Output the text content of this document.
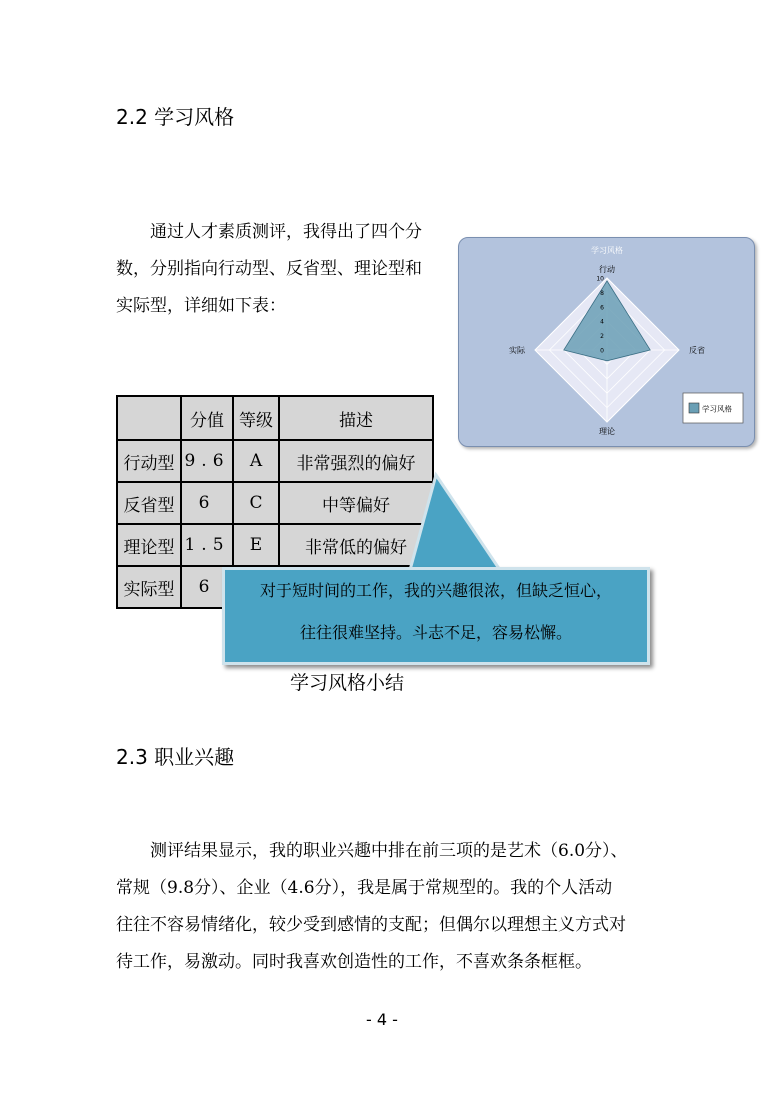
2.2 学习风格

通过人才素质测评，我得出了四个分

数，分别指向行动型、反省型、理论型和

实际型，详细如下表：

学习风格
行动
反省
理论
实际	0
2
4
6
8
10
学习风格
	分值	等级	描述
行动型	9.6	A	非常强烈的偏好
反省型	6	C	中等偏好
理论型	1.5	E	非常低的偏好
实际型	6			对于短时间的工作，我的兴趣很浓，但缺乏恒心，

往往很难坚持。斗志不足，容易松懈。

学习风格小结
2.3 职业兴趣

测评结果显示，我的职业兴趣中排在前三项的是艺术（6.0分）、

常规（9.8分）、企业（4.6分），我是属于常规型的。我的个人活动

往往不容易情绪化，较少受到感情的支配；但偶尔以理想主义方式对

待工作，易激动。同时我喜欢创造性的工作，不喜欢条条框框。

- 4 -
